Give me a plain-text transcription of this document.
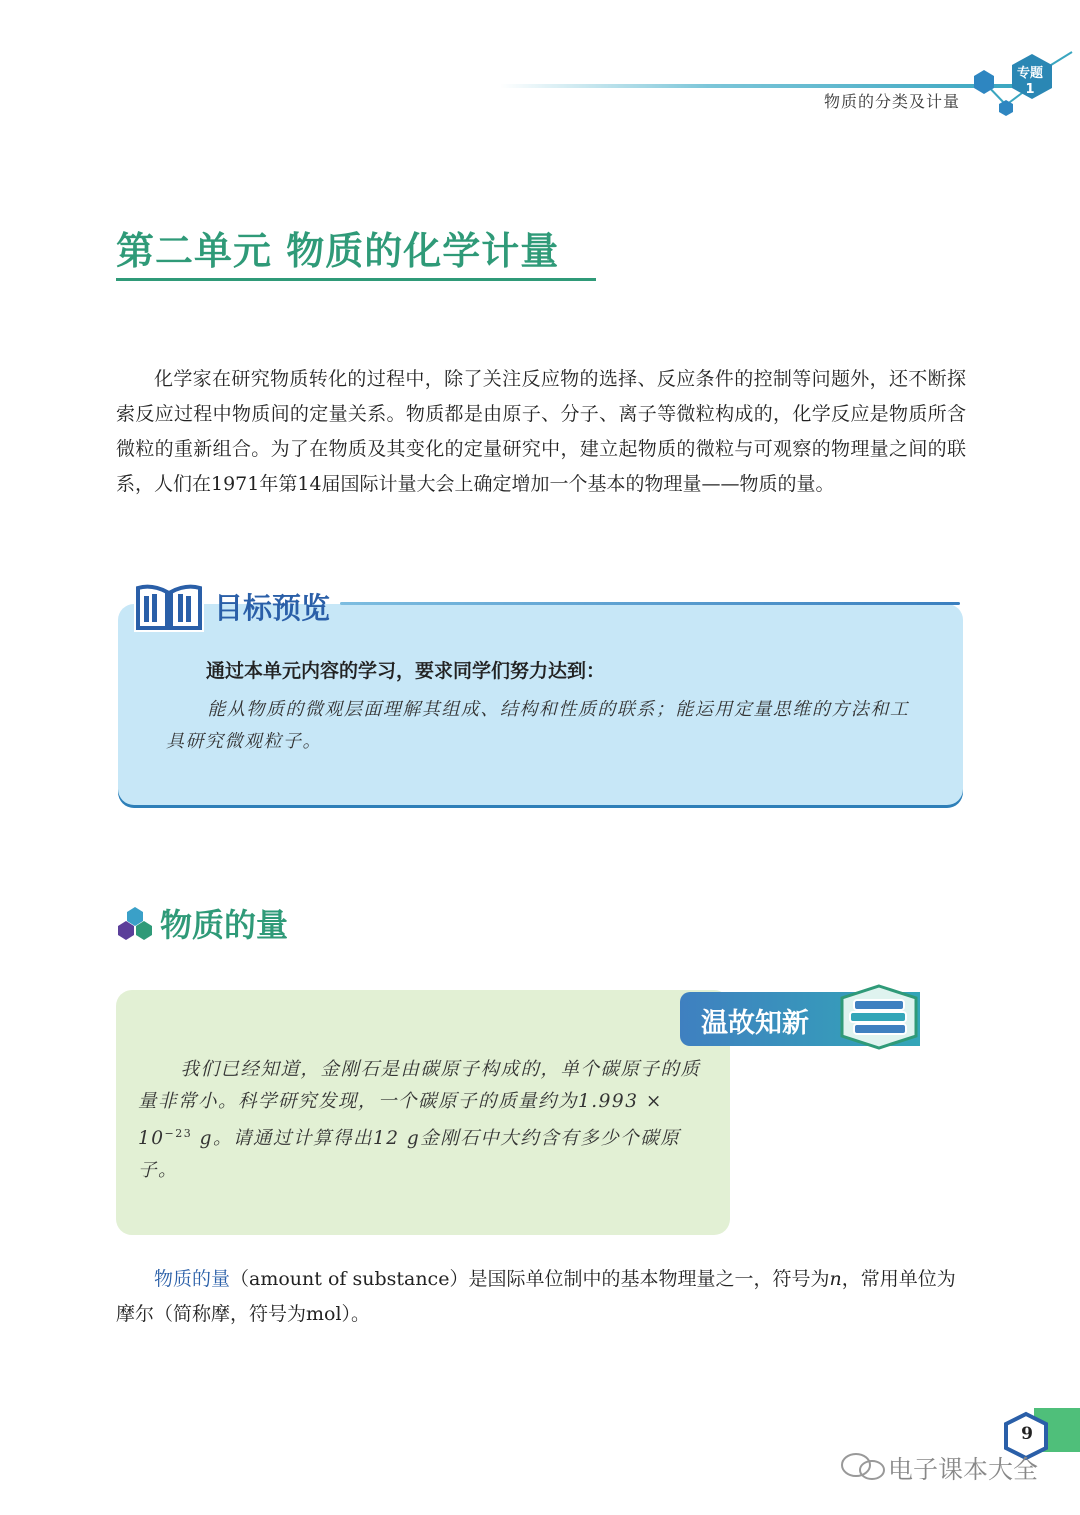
物质的分类及计量
专题
1
第二单元 物质的化学计量
化学家在研究物质转化的过程中，除了关注反应物的选择、反应条件的控制等问题外，还不断探索反应过程中物质间的定量关系。物质都是由原子、分子、离子等微粒构成的，化学反应是物质所含微粒的重新组合。为了在物质及其变化的定量研究中，建立起物质的微粒与可观察的物理量之间的联系，人们在1971年第14届国际计量大会上确定增加一个基本的物理量——物质的量。
目标预览
通过本单元内容的学习，要求同学们努力达到：
能从物质的微观层面理解其组成、结构和性质的联系；能运用定量思维的方法和工具研究微观粒子。
物质的量
温故知新
我们已经知道，金刚石是由碳原子构成的，单个碳原子的质量非常小。科学研究发现，一个碳原子的质量约为$1.993 \times 10^{-23}$ g。请通过计算得出12 g金刚石中大约含有多少个碳原子。
物质的量（amount of substance）是国际单位制中的基本物理量之一，符号为n，常用单位为摩尔（简称摩，符号为mol）。
9
电子课本大全
